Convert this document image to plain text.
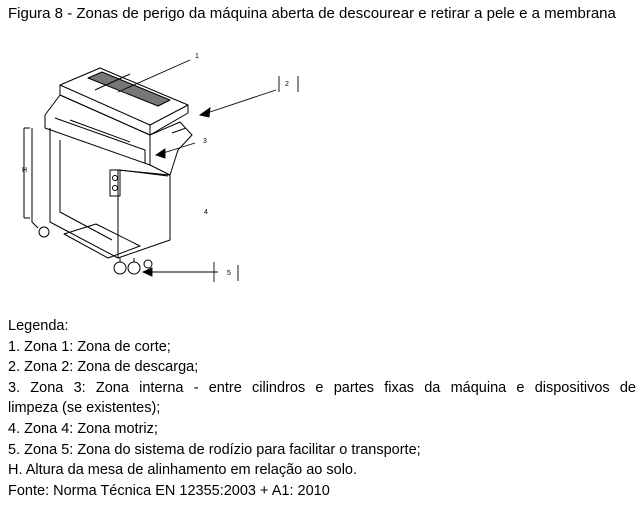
Figura 8 - Zonas de perigo da máquina aberta de descourear e retirar a pele e a membrana
1
2
3
4
5
H
Legenda:
1. Zona 1: Zona de corte;
2. Zona 2: Zona de descarga;
3. Zona 3: Zona interna - entre cilindros e partes fixas da máquina e dispositivos de
limpeza (se existentes);
4. Zona 4: Zona motriz;
5. Zona 5: Zona do sistema de rodízio para facilitar o transporte;
H. Altura da mesa de alinhamento em relação ao solo.
Fonte: Norma Técnica EN 12355:2003 + A1: 2010
